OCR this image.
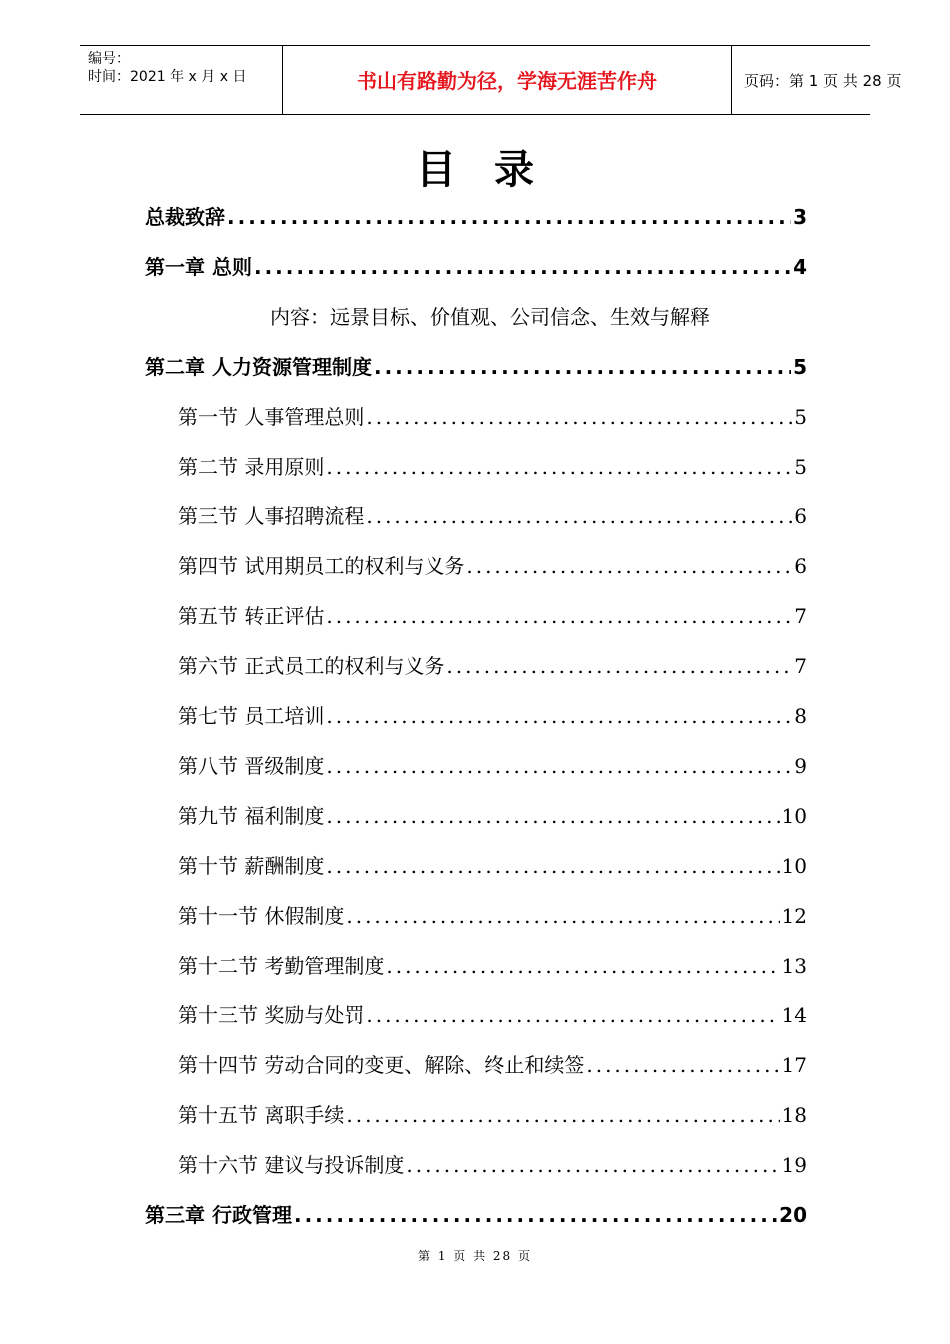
编号：
时间：2021 年 x 月 x 日	书山有路勤为径，学海无涯苦作舟	页码：第 1 页 共 28 页
目录
总裁致辞 .....	3
第一章 总则 .....	4
内容：远景目标、价值观、公司信念、生效与解释
第二章 人力资源管理制度 .....	5
第一节 人事管理总则 .....	5
第二节 录用原则 .....	5
第三节 人事招聘流程 .....	6
第四节 试用期员工的权利与义务 .....	6
第五节 转正评估 .....	7
第六节 正式员工的权利与义务 .....	7
第七节 员工培训 .....	8
第八节 晋级制度 .....	9
第九节 福利制度 .....	10
第十节 薪酬制度 .....	10
第十一节 休假制度 .....	12
第十二节 考勤管理制度 .....	13
第十三节 奖励与处罚 .....	14
第十四节 劳动合同的变更、解除、终止和续签 .....	17
第十五节 离职手续 .....	18
第十六节 建议与投诉制度 .....	19
第三章 行政管理 .....	20
第 1 页 共 28 页
